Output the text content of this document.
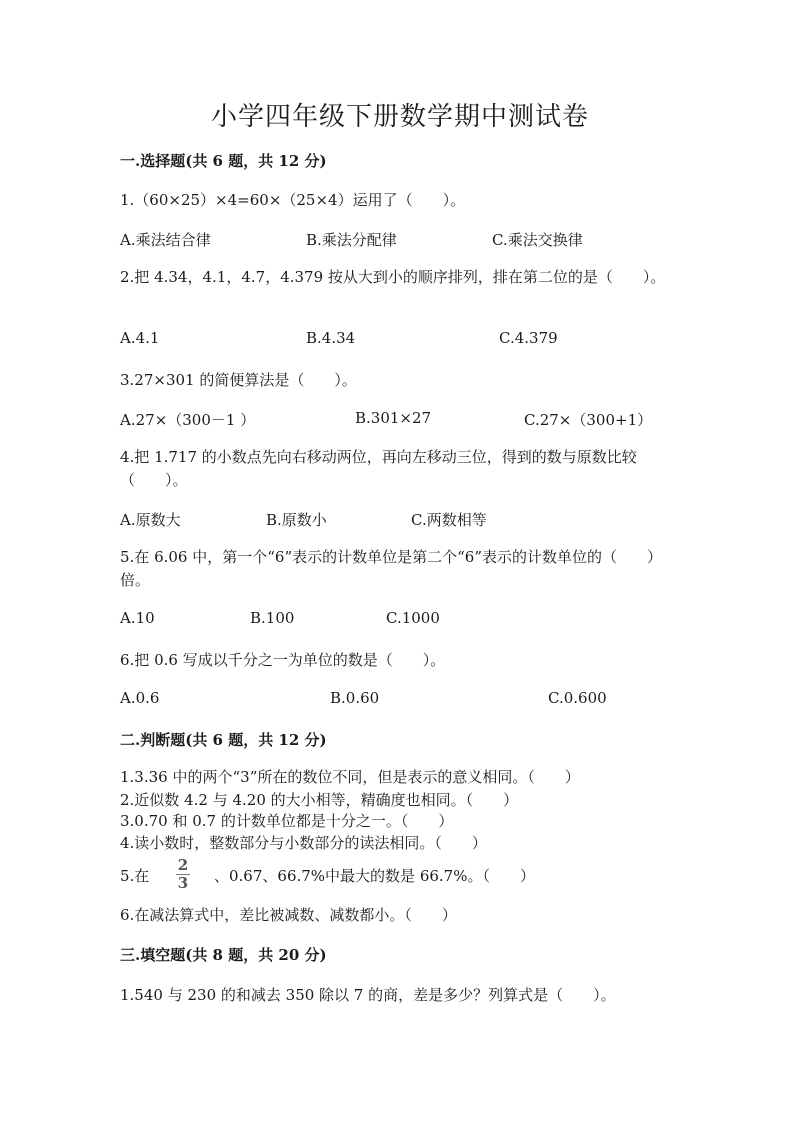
小学四年级下册数学期中测试卷
一.选择题(共 6 题，共 12 分)
1.（60×25）×4=60×（25×4）运用了（　　）。
A.乘法结合律	B.乘法分配律	C.乘法交换律
2.把 4.34，4.1，4.7，4.379 按从大到小的顺序排列，排在第二位的是（　　）。
A.4.1	B.4.34	C.4.379
3.27×301 的简便算法是（　　）。
A.27×（300－1 ）	B.301×27	C.27×（300+1）
4.把 1.717 的小数点先向右移动两位，再向左移动三位，得到的数与原数比较（　　）。
A.原数大	B.原数小	C.两数相等
5.在 6.06 中，第一个“6”表示的计数单位是第二个“6”表示的计数单位的（　　）倍。
A.10	B.100	C.1000
6.把 0.6 写成以千分之一为单位的数是（　　）。
A.0.6	B.0.60	C.0.600
二.判断题(共 6 题，共 12 分)
1.3.36 中的两个“3”所在的数位不同，但是表示的意义相同。（　　）
2.近似数 4.2 与 4.20 的大小相等，精确度也相同。（　　）
3.0.70 和 0.7 的计数单位都是十分之一。（　　）
4.读小数时，整数部分与小数部分的读法相同。（　　）
5.在
2
3 、0.67、66.7%中最大的数是 66.7%。（　　）
6.在减法算式中，差比被减数、减数都小。（　　）
三.填空题(共 8 题，共 20 分)
1.540 与 230 的和减去 350 除以 7 的商，差是多少？列算式是（　　）。
